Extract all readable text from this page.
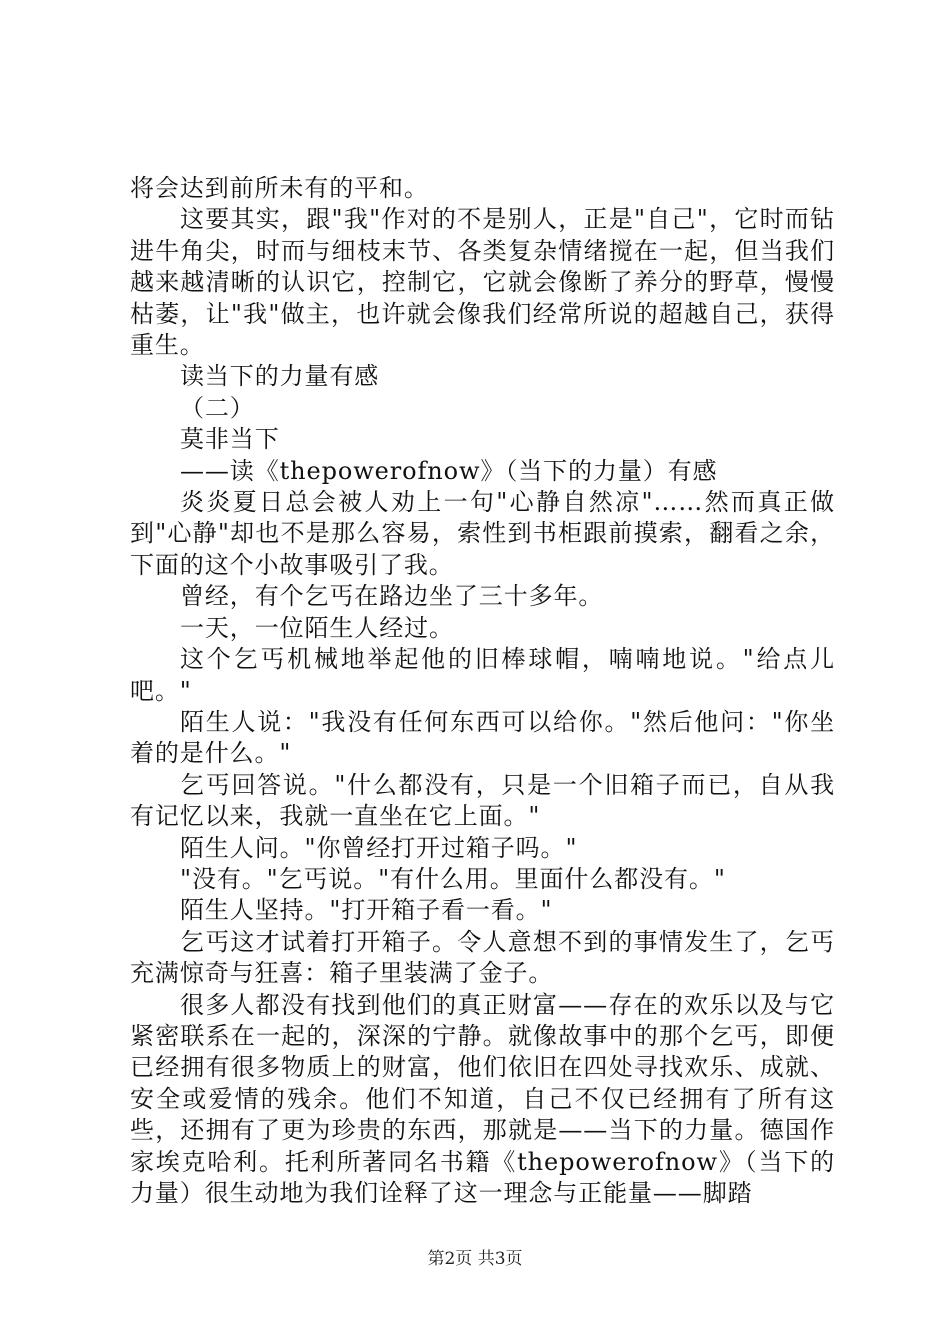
将会达到前所未有的平和。

这要其实，跟"我"作对的不是别人，正是"自己"，它时而钻进牛角尖，时而与细枝末节、各类复杂情绪搅在一起，但当我们越来越清晰的认识它，控制它，它就会像断了养分的野草，慢慢枯萎，让"我"做主，也许就会像我们经常所说的超越自己，获得重生。

读当下的力量有感

（二）

莫非当下

——读《thepowerofnow》（当下的力量）有感

炎炎夏日总会被人劝上一句"心静自然凉"……然而真正做到"心静"却也不是那么容易，索性到书柜跟前摸索，翻看之余，下面的这个小故事吸引了我。

曾经，有个乞丐在路边坐了三十多年。

一天，一位陌生人经过。

这个乞丐机械地举起他的旧棒球帽，喃喃地说。"给点儿吧。"

陌生人说："我没有任何东西可以给你。"然后他问："你坐着的是什么。"

乞丐回答说。"什么都没有，只是一个旧箱子而已，自从我有记忆以来，我就一直坐在它上面。"

陌生人问。"你曾经打开过箱子吗。"

"没有。"乞丐说。"有什么用。里面什么都没有。"

陌生人坚持。"打开箱子看一看。"

乞丐这才试着打开箱子。令人意想不到的事情发生了，乞丐充满惊奇与狂喜：箱子里装满了金子。

很多人都没有找到他们的真正财富——存在的欢乐以及与它紧密联系在一起的，深深的宁静。就像故事中的那个乞丐，即便已经拥有很多物质上的财富，他们依旧在四处寻找欢乐、成就、安全或爱情的残余。他们不知道，自己不仅已经拥有了所有这些，还拥有了更为珍贵的东西，那就是——当下的力量。德国作家埃克哈利。托利所著同名书籍《thepowerofnow》（当下的力量）很生动地为我们诠释了这一理念与正能量——脚踏

第2页 共3页
